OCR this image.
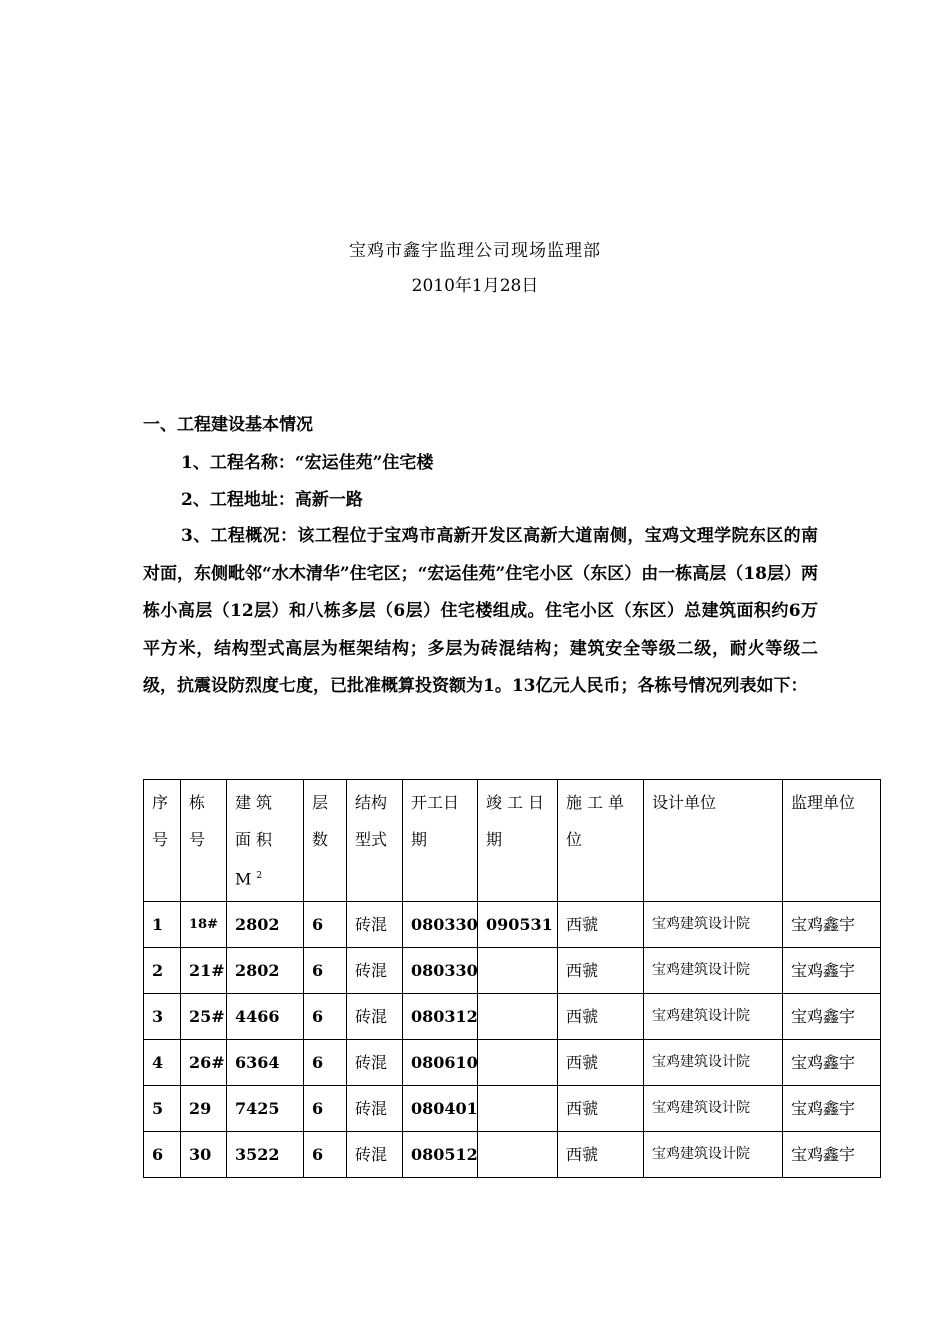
宝鸡市鑫宇监理公司现场监理部
2010年1月28日
一、工程建设基本情况
1、工程名称：“宏运佳苑”住宅楼
2、工程地址：高新一路
3、工程概况：该工程位于宝鸡市高新开发区高新大道南侧，宝鸡文理学院东区的南对面，东侧毗邻“水木清华”住宅区；“宏运佳苑”住宅小区（东区）由一栋高层（18层）两栋小高层（12层）和八栋多层（6层）住宅楼组成。住宅小区（东区）总建筑面积约6万平方米，结构型式高层为框架结构；多层为砖混结构；建筑安全等级二级，耐火等级二级，抗震设防烈度七度，已批准概算投资额为1。13亿元人民币；各栋号情况列表如下：
序号	栋号	建筑面积$M^2$	层数	结构型式	开工日期	竣工日期	施工单位	设计单位	监理单位
1	18#	2802	6	砖混	080330	090531	西虢	宝鸡建筑设计院	宝鸡鑫宇
2	21#	2802	6	砖混	080330		西虢	宝鸡建筑设计院	宝鸡鑫宇
3	25#	4466	6	砖混	080312		西虢	宝鸡建筑设计院	宝鸡鑫宇
4	26#	6364	6	砖混	080610		西虢	宝鸡建筑设计院	宝鸡鑫宇
5	29	7425	6	砖混	080401		西虢	宝鸡建筑设计院	宝鸡鑫宇
6	30	3522	6	砖混	080512		西虢	宝鸡建筑设计院	宝鸡鑫宇
